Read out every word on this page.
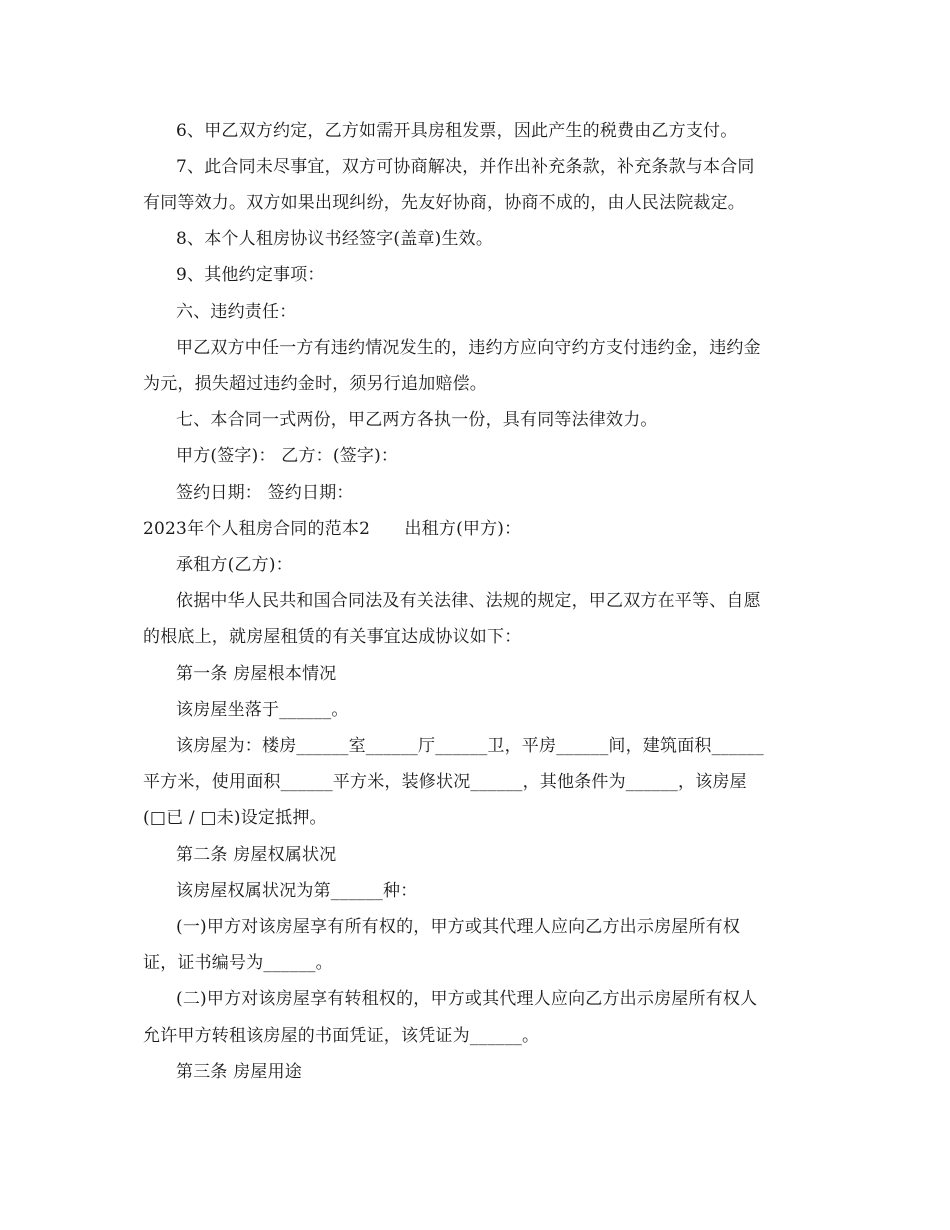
6、甲乙双方约定，乙方如需开具房租发票，因此产生的税费由乙方支付。
7、此合同未尽事宜，双方可协商解决，并作出补充条款，补充条款与本合同
有同等效力。双方如果出现纠纷，先友好协商，协商不成的，由人民法院裁定。
8、本个人租房协议书经签字(盖章)生效。
9、其他约定事项：
六、违约责任：
甲乙双方中任一方有违约情况发生的，违约方应向守约方支付违约金，违约金
为元，损失超过违约金时，须另行追加赔偿。
七、本合同一式两份，甲乙两方各执一份，具有同等法律效力。
甲方(签字)： 乙方：(签字)：
签约日期： 签约日期：
2023年个人租房合同的范本2　　出租方(甲方)：
承租方(乙方)：
依据中华人民共和国合同法及有关法律、法规的规定，甲乙双方在平等、自愿
的根底上，就房屋租赁的有关事宜达成协议如下：
第一条 房屋根本情况
该房屋坐落于______。
该房屋为：楼房______室______厅______卫，平房______间，建筑面积______
平方米，使用面积______平方米，装修状况______，其他条件为______，该房屋
(□已 / □未)设定抵押。
第二条 房屋权属状况
该房屋权属状况为第______种：
(一)甲方对该房屋享有所有权的，甲方或其代理人应向乙方出示房屋所有权
证，证书编号为______。
(二)甲方对该房屋享有转租权的，甲方或其代理人应向乙方出示房屋所有权人
允许甲方转租该房屋的书面凭证，该凭证为______。
第三条 房屋用途
